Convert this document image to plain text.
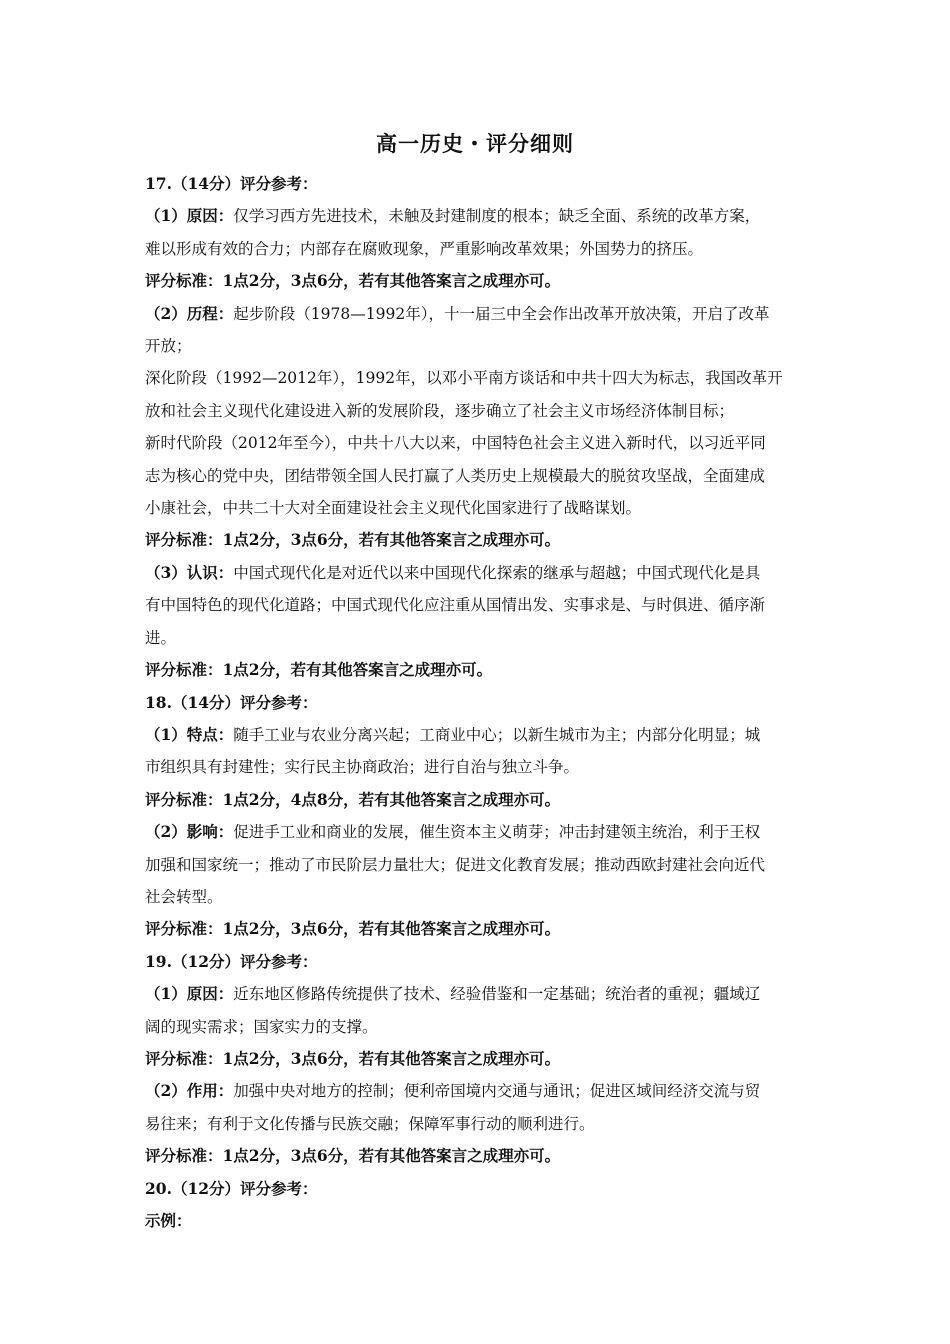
高一历史・评分细则
17.（14分）评分参考：
（1）原因：仅学习西方先进技术，未触及封建制度的根本；缺乏全面、系统的改革方案，
难以形成有效的合力；内部存在腐败现象，严重影响改革效果；外国势力的挤压。
评分标准：1点2分，3点6分，若有其他答案言之成理亦可。
（2）历程：起步阶段（1978—1992年），十一届三中全会作出改革开放决策，开启了改革
开放；
深化阶段（1992—2012年），1992年，以邓小平南方谈话和中共十四大为标志，我国改革开
放和社会主义现代化建设进入新的发展阶段，逐步确立了社会主义市场经济体制目标；
新时代阶段（2012年至今），中共十八大以来，中国特色社会主义进入新时代，以习近平同
志为核心的党中央，团结带领全国人民打赢了人类历史上规模最大的脱贫攻坚战，全面建成
小康社会，中共二十大对全面建设社会主义现代化国家进行了战略谋划。
评分标准：1点2分，3点6分，若有其他答案言之成理亦可。
（3）认识：中国式现代化是对近代以来中国现代化探索的继承与超越；中国式现代化是具
有中国特色的现代化道路；中国式现代化应注重从国情出发、实事求是、与时俱进、循序渐
进。
评分标准：1点2分，若有其他答案言之成理亦可。
18.（14分）评分参考：
（1）特点：随手工业与农业分离兴起；工商业中心；以新生城市为主；内部分化明显；城
市组织具有封建性；实行民主协商政治；进行自治与独立斗争。
评分标准：1点2分，4点8分，若有其他答案言之成理亦可。
（2）影响：促进手工业和商业的发展，催生资本主义萌芽；冲击封建领主统治，利于王权
加强和国家统一；推动了市民阶层力量壮大；促进文化教育发展；推动西欧封建社会向近代
社会转型。
评分标准：1点2分，3点6分，若有其他答案言之成理亦可。
19.（12分）评分参考：
（1）原因：近东地区修路传统提供了技术、经验借鉴和一定基础；统治者的重视；疆域辽
阔的现实需求；国家实力的支撑。
评分标准：1点2分，3点6分，若有其他答案言之成理亦可。
（2）作用：加强中央对地方的控制；便利帝国境内交通与通讯；促进区域间经济交流与贸
易往来；有利于文化传播与民族交融；保障军事行动的顺利进行。
评分标准：1点2分，3点6分，若有其他答案言之成理亦可。
20.（12分）评分参考：
示例：
